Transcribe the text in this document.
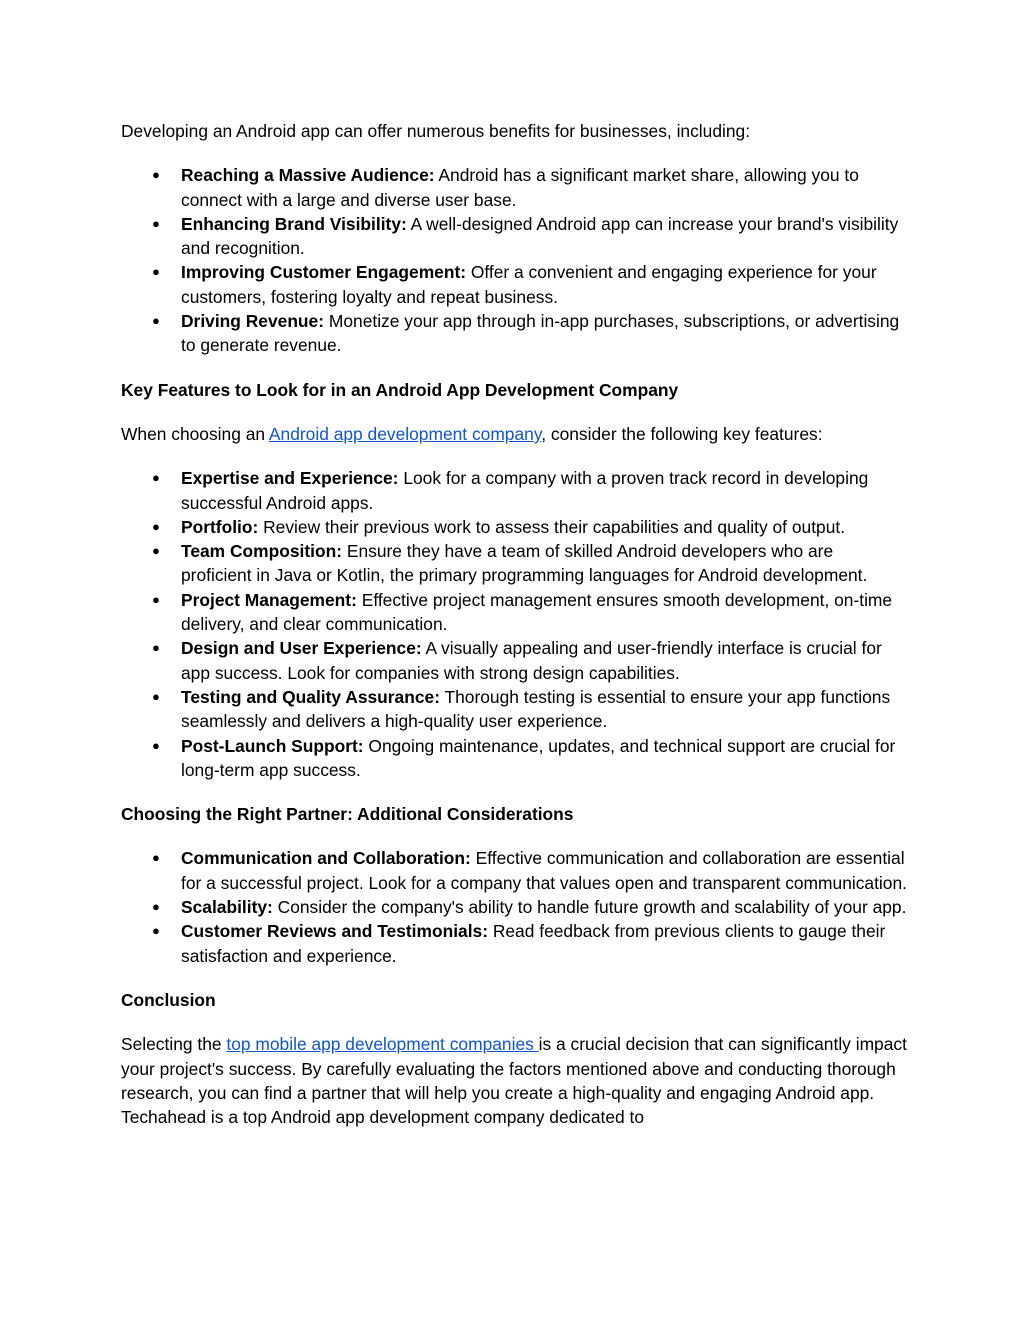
Developing an Android app can offer numerous benefits for businesses, including:

● Reaching a Massive Audience: Android has a significant market share, allowing you to connect with a large and diverse user base.
● Enhancing Brand Visibility: A well-designed Android app can increase your brand's visibility and recognition.
● Improving Customer Engagement: Offer a convenient and engaging experience for your customers, fostering loyalty and repeat business.
● Driving Revenue: Monetize your app through in-app purchases, subscriptions, or advertising to generate revenue.
Key Features to Look for in an Android App Development Company

When choosing an Android app development company, consider the following key features:

● Expertise and Experience: Look for a company with a proven track record in developing successful Android apps.
● Portfolio: Review their previous work to assess their capabilities and quality of output.
● Team Composition: Ensure they have a team of skilled Android developers who are proficient in Java or Kotlin, the primary programming languages for Android development.
● Project Management: Effective project management ensures smooth development, on-time delivery, and clear communication.
● Design and User Experience: A visually appealing and user-friendly interface is crucial for app success. Look for companies with strong design capabilities.
● Testing and Quality Assurance: Thorough testing is essential to ensure your app functions seamlessly and delivers a high-quality user experience.
● Post-Launch Support: Ongoing maintenance, updates, and technical support are crucial for long-term app success.
Choosing the Right Partner: Additional Considerations
● Communication and Collaboration: Effective communication and collaboration are essential for a successful project. Look for a company that values open and transparent communication.
● Scalability: Consider the company's ability to handle future growth and scalability of your app.
● Customer Reviews and Testimonials: Read feedback from previous clients to gauge their satisfaction and experience.
Conclusion

Selecting the top mobile app development companies is a crucial decision that can significantly impact your project's success. By carefully evaluating the factors mentioned above and conducting thorough research, you can find a partner that will help you create a high-quality and engaging Android app. Techahead is a top Android app development company dedicated to
